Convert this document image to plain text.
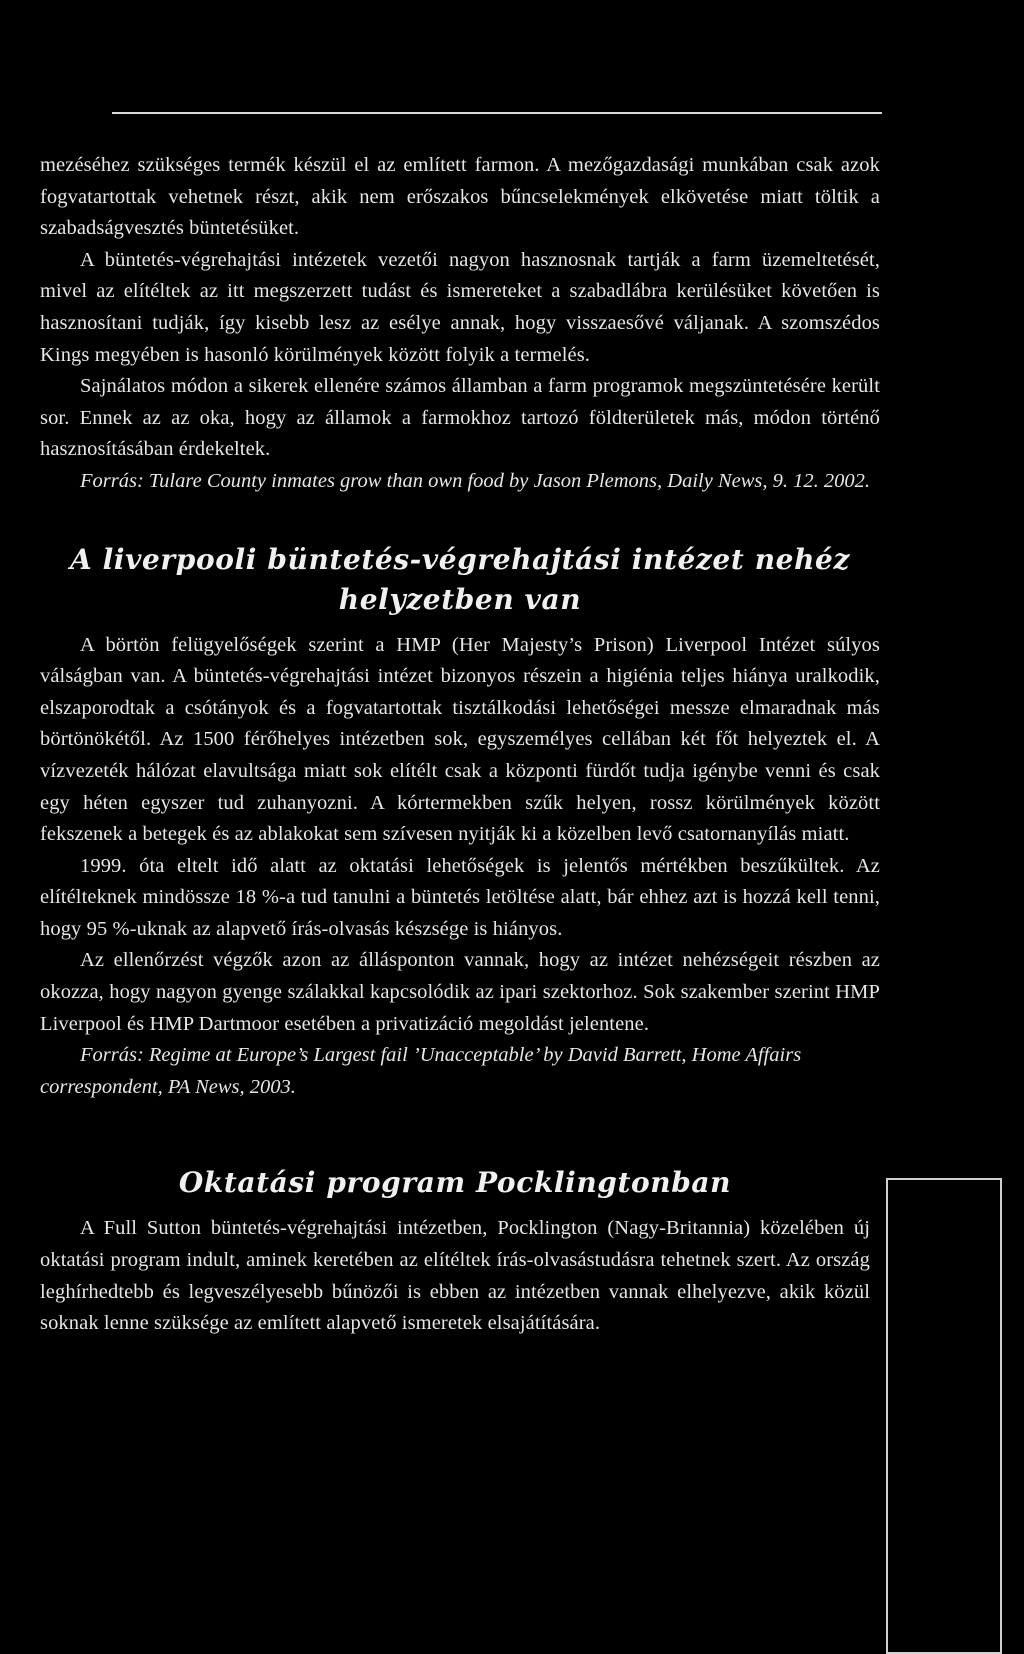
mezéséhez szükséges termék készül el az említett farmon. A mezőgazdasági munkában csak azok fogvatartottak vehetnek részt, akik nem erőszakos bűncselekmények elkövetése miatt töltik a szabadságvesztés büntetésüket.

A büntetés-végrehajtási intézetek vezetői nagyon hasznosnak tartják a farm üzemeltetését, mivel az elítéltek az itt megszerzett tudást és ismereteket a szabadlábra kerülésüket követően is hasznosítani tudják, így kisebb lesz az esélye annak, hogy visszaesővé váljanak. A szomszédos Kings megyében is hasonló körülmények között folyik a termelés.

Sajnálatos módon a sikerek ellenére számos államban a farm programok megszüntetésére került sor. Ennek az az oka, hogy az államok a farmokhoz tartozó földterületek más, módon történő hasznosításában érdekeltek.

Forrás: Tulare County inmates grow than own food by Jason Plemons, Daily News, 9. 12. 2002.

A liverpooli büntetés-végrehajtási intézet nehéz helyzetben van

A börtön felügyelőségek szerint a HMP (Her Majesty’s Prison) Liverpool Intézet súlyos válságban van. A büntetés-végrehajtási intézet bizonyos részein a higiénia teljes hiánya uralkodik, elszaporodtak a csótányok és a fogvatartottak tisztálkodási lehetőségei messze elmaradnak más börtönökétől. Az 1500 férőhelyes intézetben sok, egyszemélyes cellában két főt helyeztek el. A vízvezeték hálózat elavultsága miatt sok elítélt csak a központi fürdőt tudja igénybe venni és csak egy héten egyszer tud zuhanyozni. A kórtermekben szűk helyen, rossz körülmények között fekszenek a betegek és az ablakokat sem szívesen nyitják ki a közelben levő csatornanyílás miatt.

1999. óta eltelt idő alatt az oktatási lehetőségek is jelentős mértékben beszűkültek. Az elítélteknek mindössze 18 %-a tud tanulni a büntetés letöltése alatt, bár ehhez azt is hozzá kell tenni, hogy 95 %-uknak az alapvető írás-olvasás készsége is hiányos.

Az ellenőrzést végzők azon az állásponton vannak, hogy az intézet nehézségeit részben az okozza, hogy nagyon gyenge szálakkal kapcsolódik az ipari szektorhoz. Sok szakember szerint HMP Liverpool és HMP Dartmoor esetében a privatizáció megoldást jelentene.

Forrás: Regime at Europe’s Largest fail ’Unacceptable’ by David Barrett, Home Affairs correspondent, PA News, 2003.

Oktatási program Pocklingtonban

A Full Sutton büntetés-végrehajtási intézetben, Pocklington (Nagy-Britannia) közelében új oktatási program indult, aminek keretében az elítéltek írás-olvasástudásra tehetnek szert. Az ország leghírhedtebb és legveszélyesebb bűnözői is ebben az intézetben vannak elhelyezve, akik közül soknak lenne szüksége az említett alapvető ismeretek elsajátítására.
